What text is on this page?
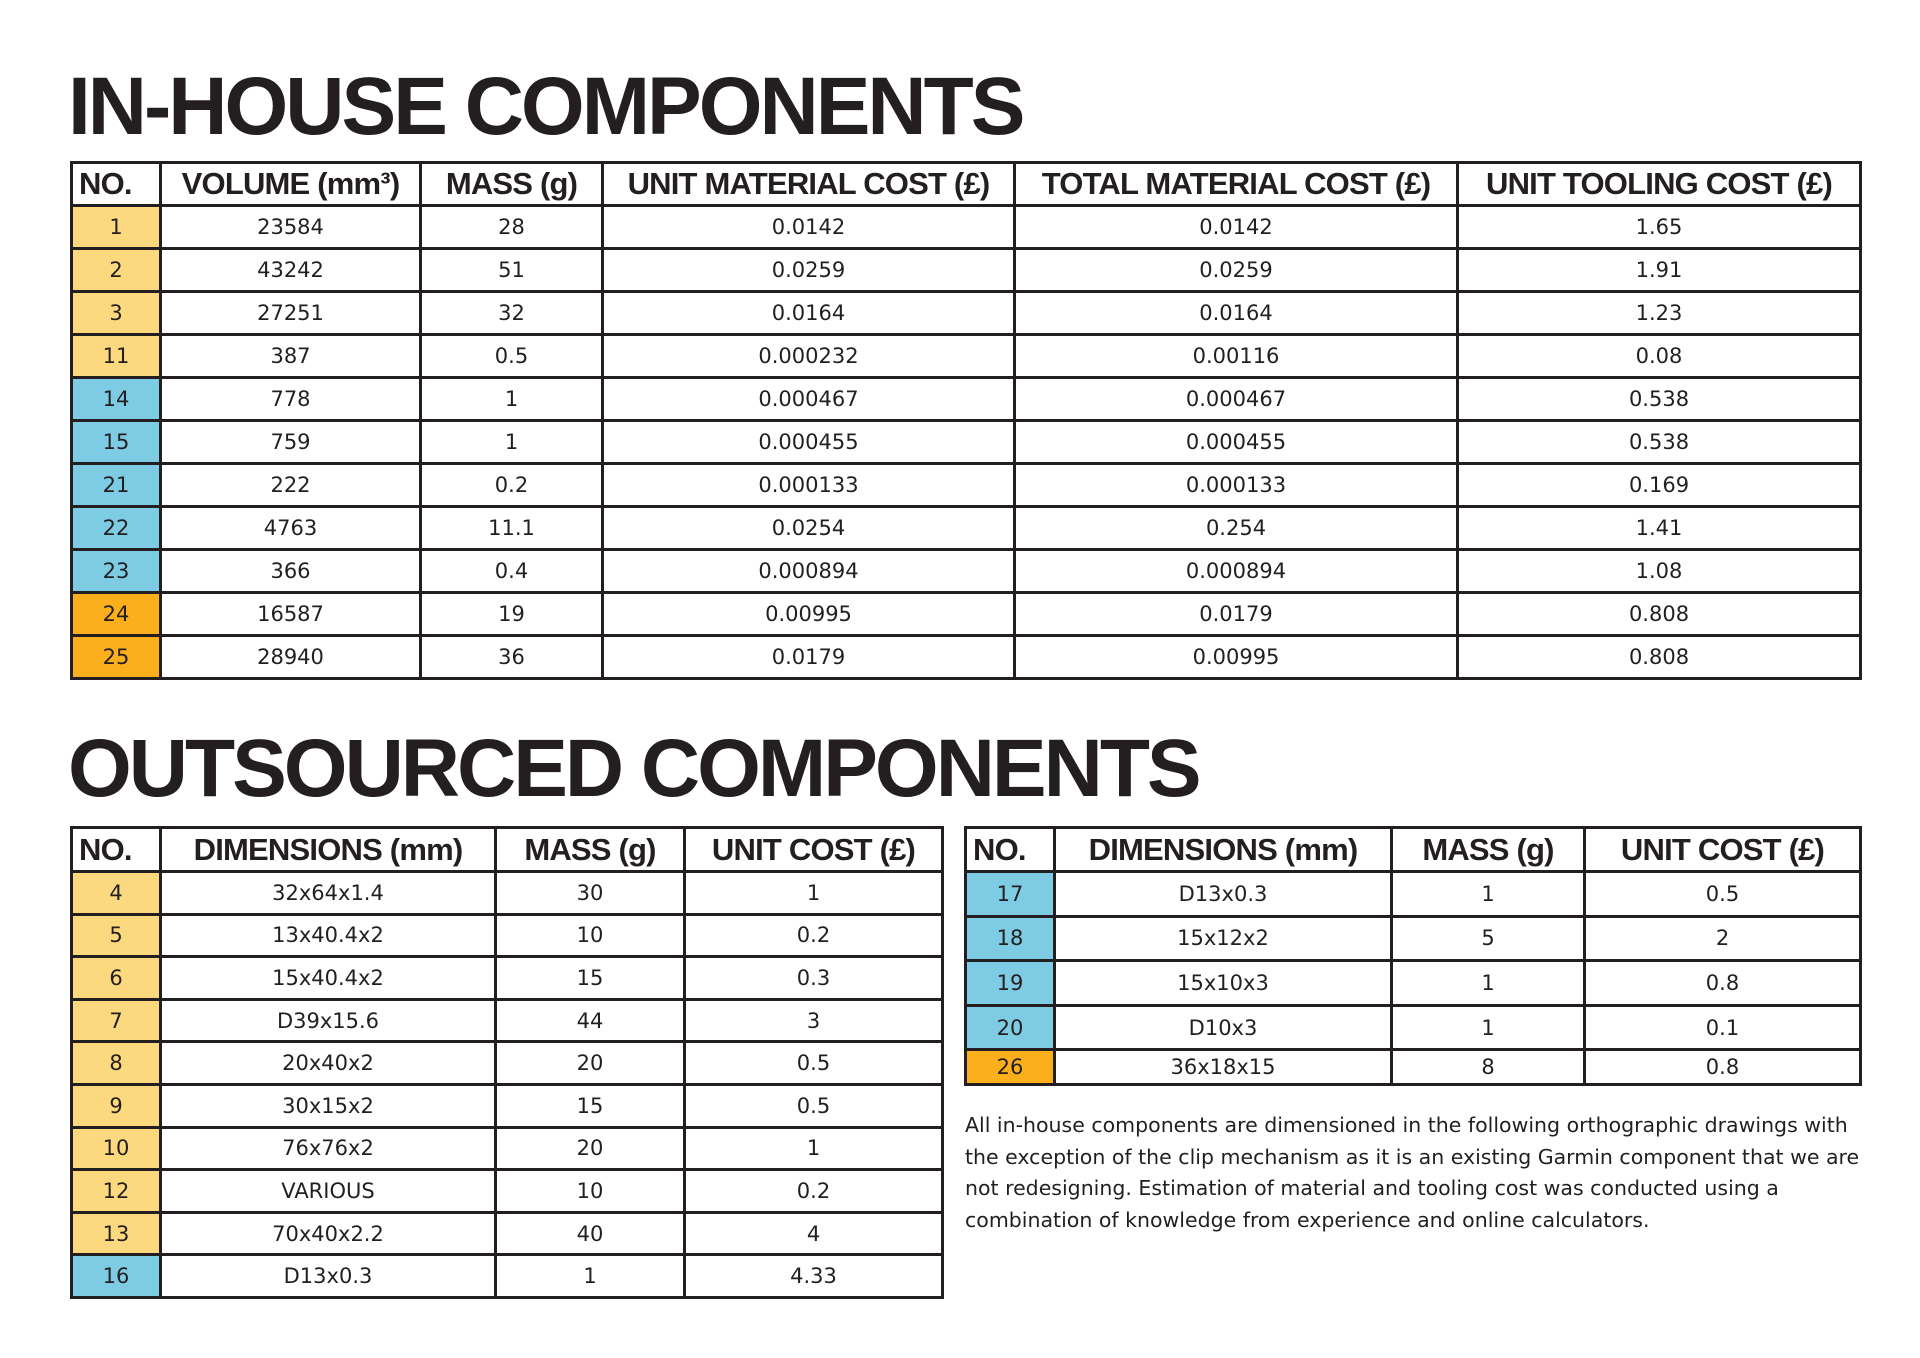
IN-HOUSE COMPONENTS
NO.	VOLUME (mm³)	MASS (g)	UNIT MATERIAL COST (£)	TOTAL MATERIAL COST (£)	UNIT TOOLING COST (£)
1	23584	28	0.0142	0.0142	1.65
2	43242	51	0.0259	0.0259	1.91
3	27251	32	0.0164	0.0164	1.23
11	387	0.5	0.000232	0.00116	0.08
14	778	1	0.000467	0.000467	0.538
15	759	1	0.000455	0.000455	0.538
21	222	0.2	0.000133	0.000133	0.169
22	4763	11.1	0.0254	0.254	1.41
23	366	0.4	0.000894	0.000894	1.08
24	16587	19	0.00995	0.0179	0.808
25	28940	36	0.0179	0.00995	0.808
OUTSOURCED COMPONENTS
NO.	DIMENSIONS (mm)	MASS (g)	UNIT COST (£)
4	32x64x1.4	30	1
5	13x40.4x2	10	0.2
6	15x40.4x2	15	0.3
7	D39x15.6	44	3
8	20x40x2	20	0.5
9	30x15x2	15	0.5
10	76x76x2	20	1
12	VARIOUS	10	0.2
13	70x40x2.2	40	4
16	D13x0.3	1	4.33
NO.	DIMENSIONS (mm)	MASS (g)	UNIT COST (£)
17	D13x0.3	1	0.5
18	15x12x2	5	2
19	15x10x3	1	0.8
20	D10x3	1	0.1
26	36x18x15	8	0.8

All in-house components are dimensioned in the following orthographic drawings with the exception of the clip mechanism as it is an existing Garmin component that we are not redesigning. Estimation of material and tooling cost was conducted using a combination of knowledge from experience and online calculators.
